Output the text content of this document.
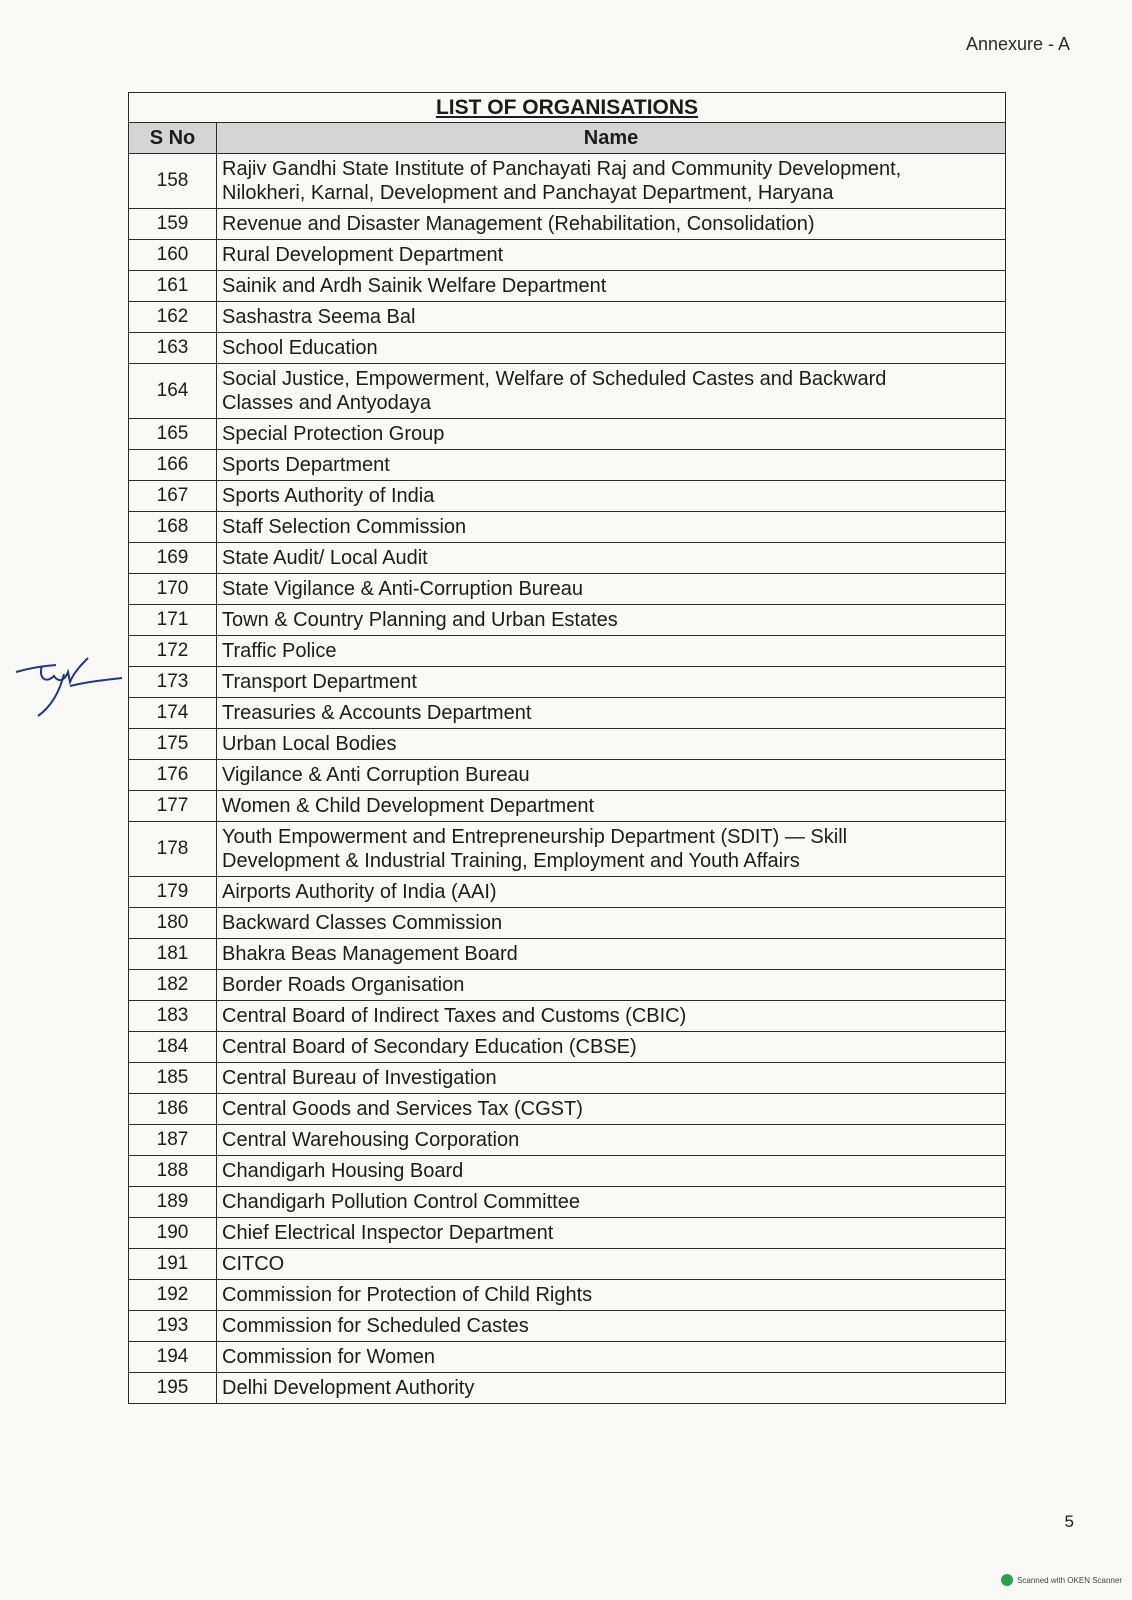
Annexure - A
LIST OF ORGANISATIONS	
S No	Name
158	Rajiv Gandhi State Institute of Panchayati Raj and Community Development,
Nilokheri, Karnal, Development and Panchayat Department, Haryana

159	Revenue and Disaster Management (Rehabilitation, Consolidation)

160	Rural Development Department

161	Sainik and Ardh Sainik Welfare Department

162	Sashastra Seema Bal

163	School Education

164	Social Justice, Empowerment, Welfare of Scheduled Castes and Backward
Classes and Antyodaya

165	Special Protection Group

166	Sports Department

167	Sports Authority of India

168	Staff Selection Commission

169	State Audit/ Local Audit

170	State Vigilance & Anti-Corruption Bureau

171	Town & Country Planning and Urban Estates

172	Traffic Police

173	Transport Department

174	Treasuries & Accounts Department

175	Urban Local Bodies

176	Vigilance & Anti Corruption Bureau

177	Women & Child Development Department

178	Youth Empowerment and Entrepreneurship Department (SDIT) — Skill
Development & Industrial Training, Employment and Youth Affairs

179	Airports Authority of India (AAI)

180	Backward Classes Commission

181	Bhakra Beas Management Board

182	Border Roads Organisation

183	Central Board of Indirect Taxes and Customs (CBIC)

184	Central Board of Secondary Education (CBSE)

185	Central Bureau of Investigation

186	Central Goods and Services Tax (CGST)

187	Central Warehousing Corporation

188	Chandigarh Housing Board

189	Chandigarh Pollution Control Committee

190	Chief Electrical Inspector Department

191	CITCO

192	Commission for Protection of Child Rights

193	Commission for Scheduled Castes

194	Commission for Women

195	Delhi Development Authority
5
Scanned with OKEN Scanner
